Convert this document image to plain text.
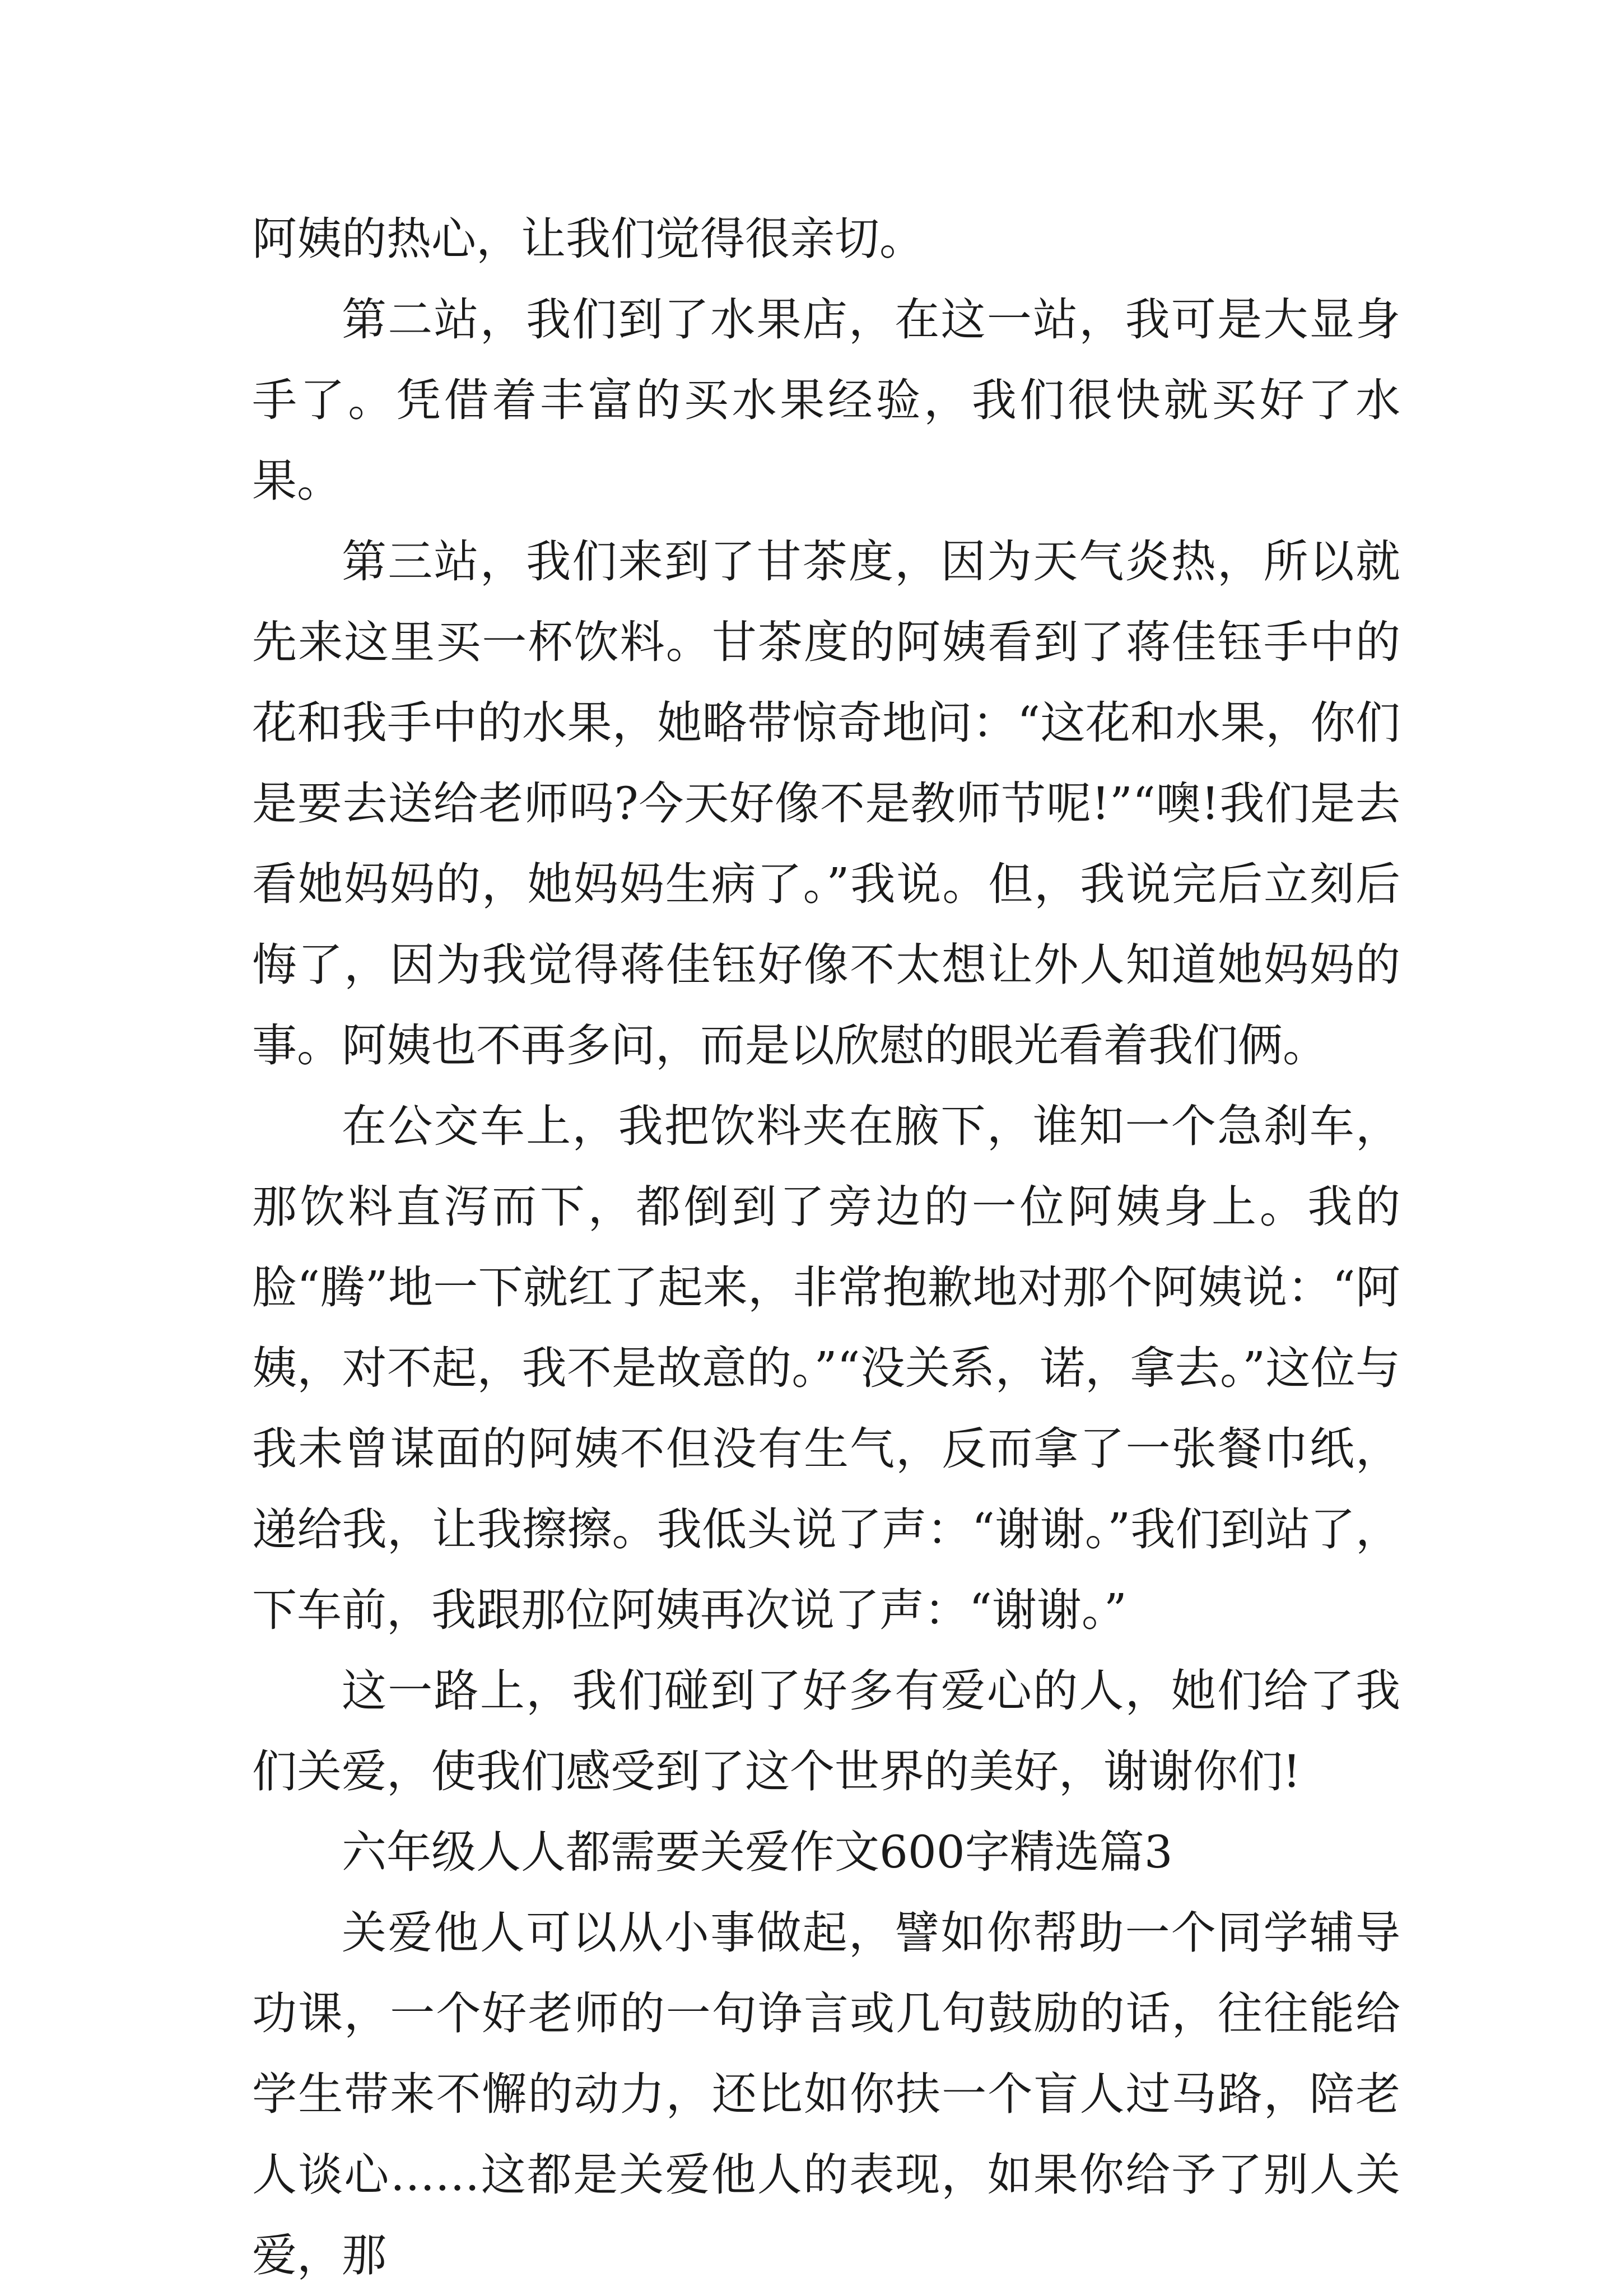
阿姨的热心，让我们觉得很亲切。

第二站，我们到了水果店，在这一站，我可是大显身手了。凭借着丰富的买水果经验，我们很快就买好了水果。

第三站，我们来到了甘茶度，因为天气炎热，所以就先来这里买一杯饮料。甘茶度的阿姨看到了蒋佳钰手中的花和我手中的水果，她略带惊奇地问：“这花和水果，你们是要去送给老师吗?今天好像不是教师节呢!”“噢!我们是去看她妈妈的，她妈妈生病了。”我说。但，我说完后立刻后悔了，因为我觉得蒋佳钰好像不太想让外人知道她妈妈的事。阿姨也不再多问，而是以欣慰的眼光看着我们俩。

在公交车上，我把饮料夹在腋下，谁知一个急刹车，那饮料直泻而下，都倒到了旁边的一位阿姨身上。我的脸“腾”地一下就红了起来，非常抱歉地对那个阿姨说：“阿姨，对不起，我不是故意的。”“没关系，诺，拿去。”这位与我未曾谋面的阿姨不但没有生气，反而拿了一张餐巾纸，递给我，让我擦擦。我低头说了声：“谢谢。”我们到站了，下车前，我跟那位阿姨再次说了声：“谢谢。”

这一路上，我们碰到了好多有爱心的人，她们给了我们关爱，使我们感受到了这个世界的美好，谢谢你们!

六年级人人都需要关爱作文600字精选篇3

关爱他人可以从小事做起，譬如你帮助一个同学辅导功课，一个好老师的一句诤言或几句鼓励的话，往往能给学生带来不懈的动力，还比如你扶一个盲人过马路，陪老人谈心……这都是关爱他人的表现，如果你给予了别人关爱，那
